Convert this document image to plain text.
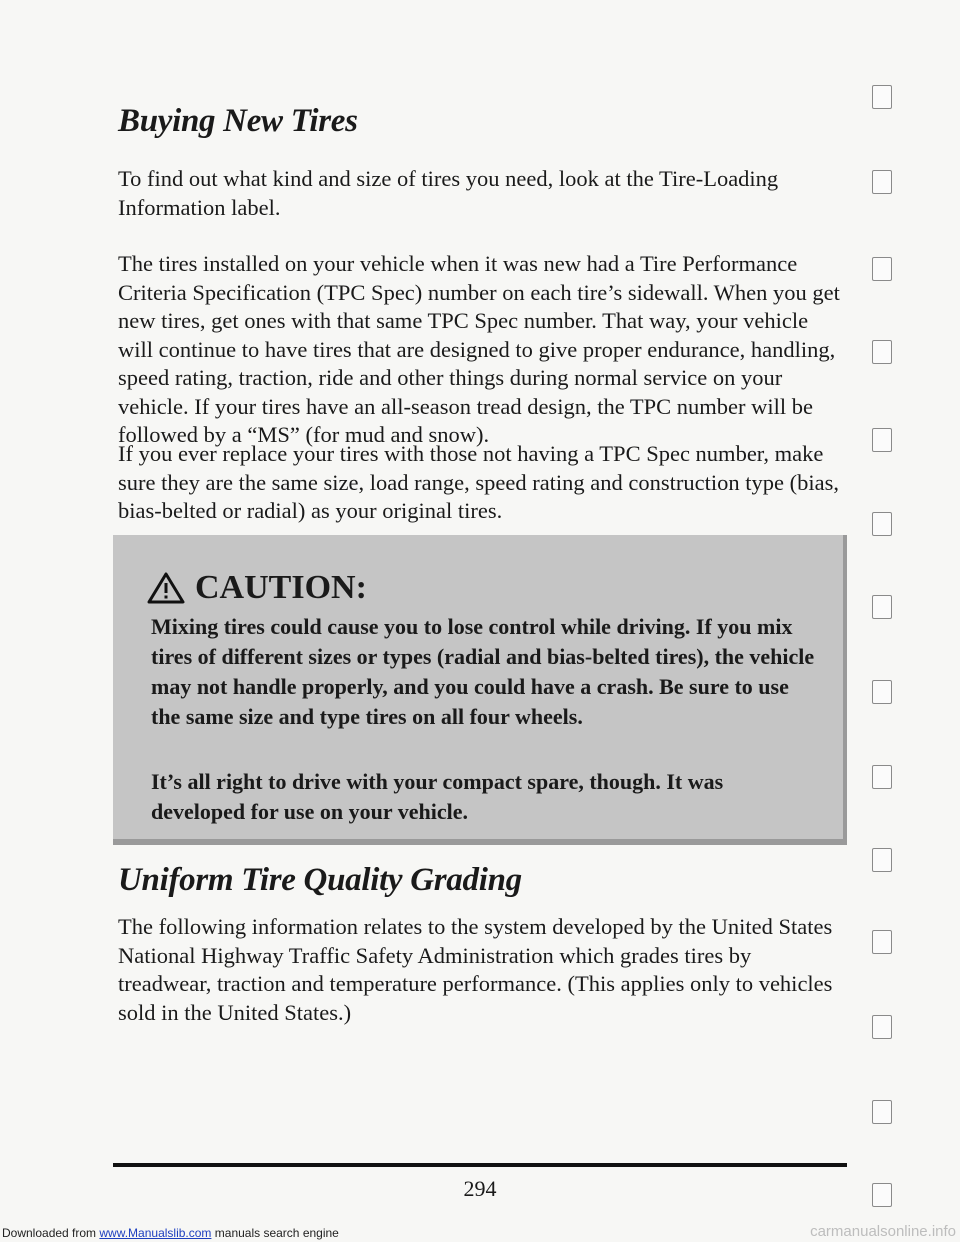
Buying New Tires

To find out what kind and size of tires you need, look at the Tire-Loading Information label.

The tires installed on your vehicle when it was new had a Tire Performance Criteria Specification (TPC Spec) number on each tire’s sidewall. When you get new tires, get ones with that same TPC Spec number. That way, your vehicle will continue to have tires that are designed to give proper endurance, handling, speed rating, traction, ride and other things during normal service on your vehicle. If your tires have an all-season tread design, the TPC number will be followed by a “MS” (for mud and snow).

If you ever replace your tires with those not having a TPC Spec number, make sure they are the same size, load range, speed rating and construction type (bias, bias-belted or radial) as your original tires.

CAUTION:

Mixing tires could cause you to lose control while driving. If you mix tires of different sizes or types (radial and bias-belted tires), the vehicle may not handle properly, and you could have a crash. Be sure to use the same size and type tires on all four wheels.

It’s all right to drive with your compact spare, though. It was developed for use on your vehicle.

Uniform Tire Quality Grading

The following information relates to the system developed by the United States National Highway Traffic Safety Administration which grades tires by treadwear, traction and temperature performance. (This applies only to vehicles sold in the United States.)

294
Downloaded from www.Manualslib.com manuals search engine	carmanualsonline.info
